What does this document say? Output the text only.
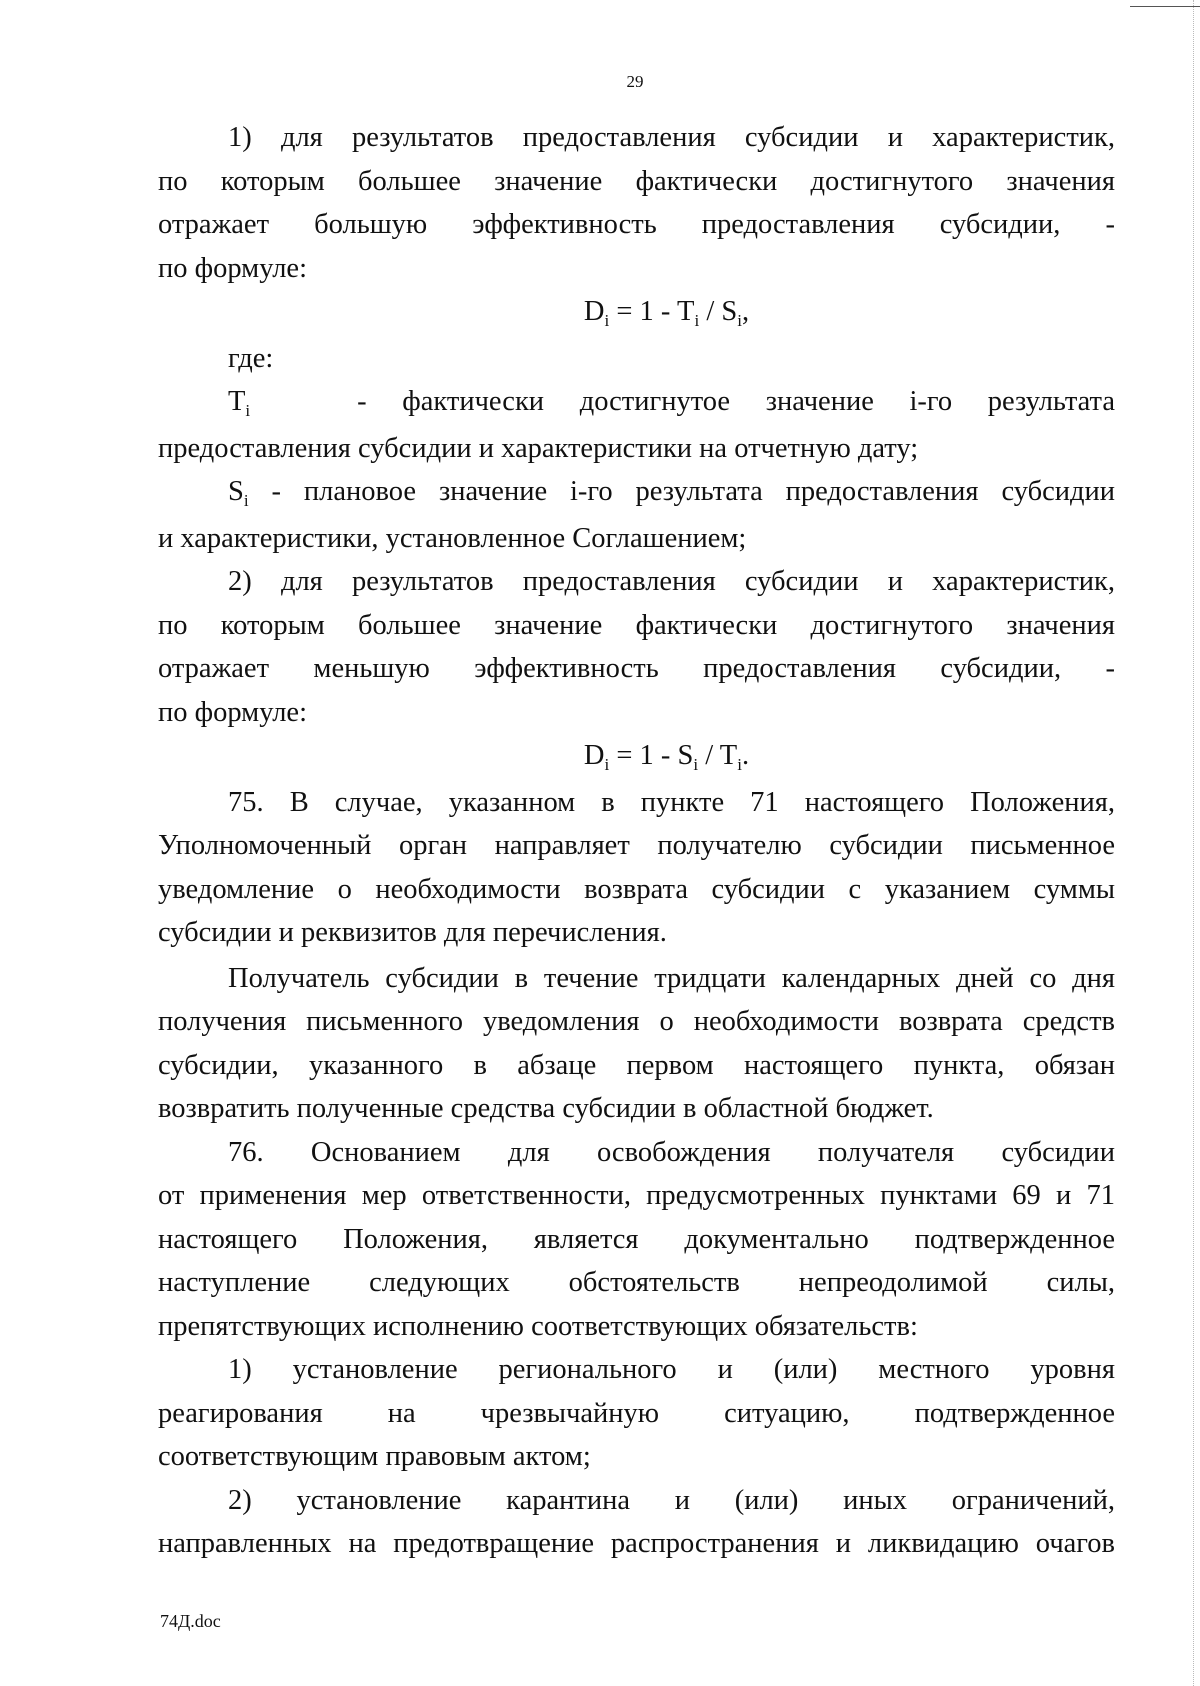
29

1) для результатов предоставления субсидии и характеристик,

по которым большее значение фактически достигнутого значения

отражает большую эффективность предоставления субсидии, -

по формуле:

$D_i = 1 - T_i / S_i$,

где:

$T_i$	- фактически достигнутое значение i-го результата

предоставления субсидии и характеристики на отчетную дату;

$S_i$ - плановое значение i-го результата предоставления субсидии

и характеристики, установленное Соглашением;

2) для результатов предоставления субсидии и характеристик,

по которым большее значение фактически достигнутого значения

отражает меньшую эффективность предоставления субсидии, -

по формуле:

$D_i = 1 - S_i / T_i$.

75. В случае, указанном в пункте 71 настоящего Положения,

Уполномоченный орган направляет получателю субсидии письменное

уведомление о необходимости возврата субсидии с указанием суммы

субсидии и реквизитов для перечисления.

Получатель субсидии в течение тридцати календарных дней со дня

получения письменного уведомления о необходимости возврата средств

субсидии, указанного в абзаце первом настоящего пункта, обязан

возвратить полученные средства субсидии в областной бюджет.

76. Основанием для освобождения получателя субсидии

от применения мер ответственности, предусмотренных пунктами 69 и 71

настоящего Положения, является документально подтвержденное

наступление следующих обстоятельств непреодолимой силы,

препятствующих исполнению соответствующих обязательств:

1) установление регионального и (или) местного уровня

реагирования на чрезвычайную ситуацию, подтвержденное

соответствующим правовым актом;

2) установление карантина и (или) иных ограничений,

направленных на предотвращение распространения и ликвидацию очагов

74Д.doc
